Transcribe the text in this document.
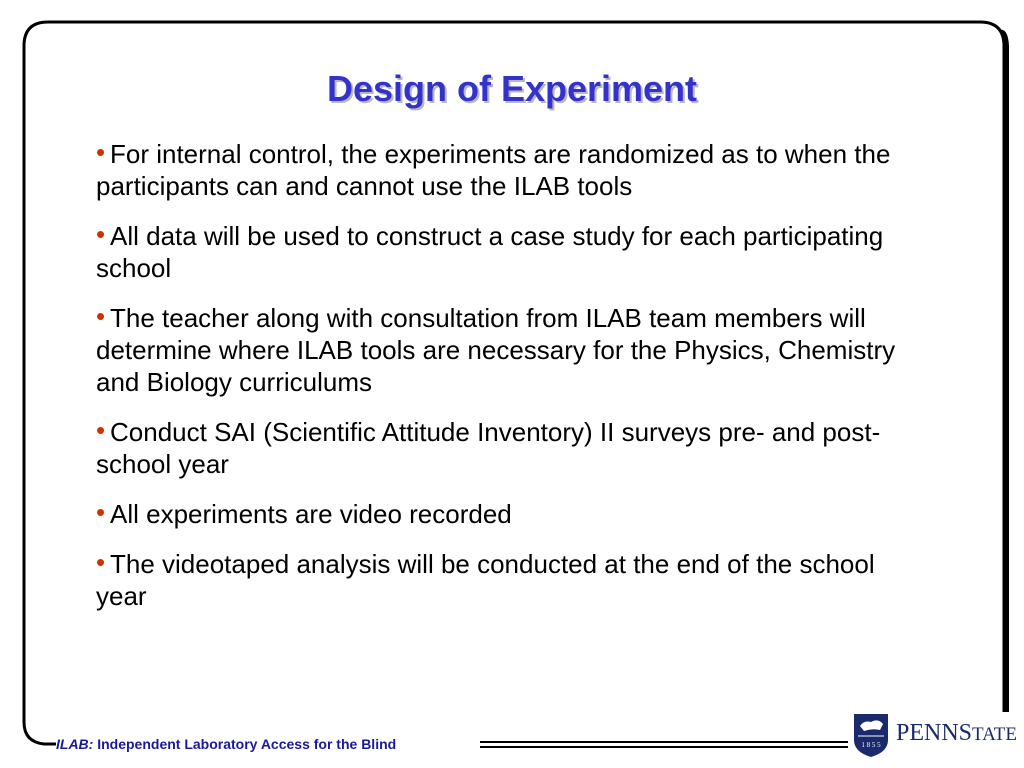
Design of Experiment
• For internal control, the experiments are randomized as to when the participants can and cannot use the ILAB tools
• All data will be used to construct a case study for each participating school
• The teacher along with consultation from ILAB team members will determine where ILAB tools are necessary for the Physics, Chemistry and Biology curriculums
• Conduct SAI (Scientific Attitude Inventory) II surveys pre- and post- school year
• All experiments are video recorded
• The videotaped analysis will be conducted at the end of the school year
ILAB: Independent Laboratory Access for the Blind	1 8 5 5 PENNSTATE
